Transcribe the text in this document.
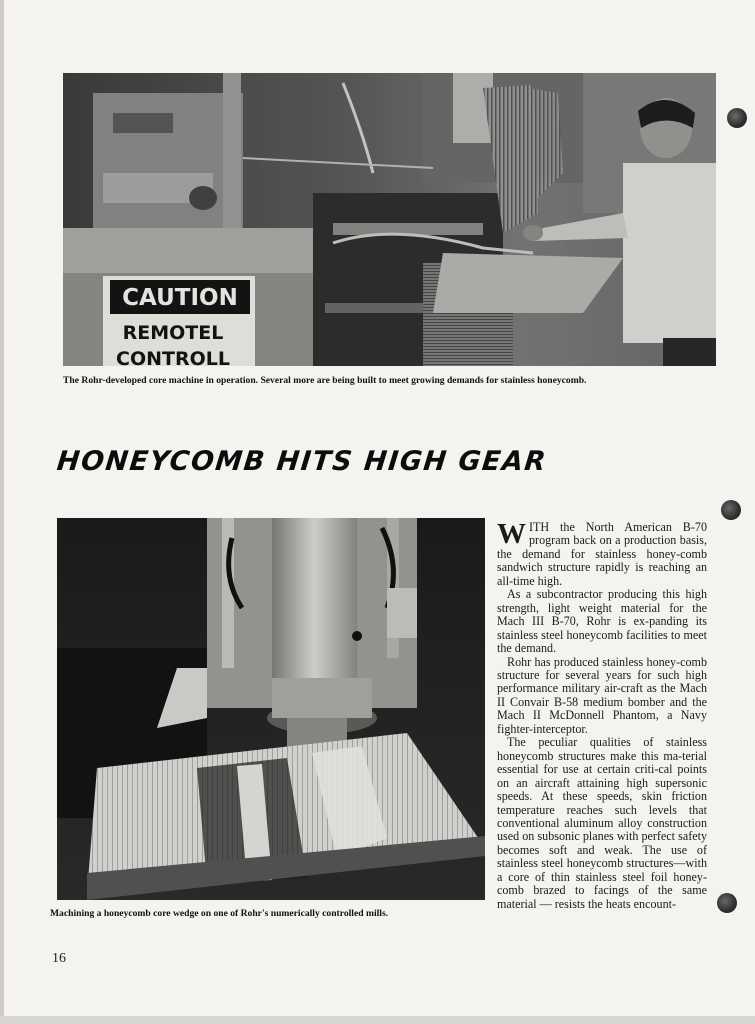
CAUTION
REMOTEL
CONTROLL
The Rohr-developed core machine in operation. Several more are being built to meet growing demands for stainless honeycomb.
HONEYCOMB HITS HIGH GEAR
Machining a honeycomb core wedge on one of Rohr's numerically controlled mills.

WITH the North American B-70 program back on a production basis, the demand for stainless honey-comb sandwich structure rapidly is reaching an all-time high.

As a subcontractor producing this high strength, light weight material for the Mach III B-70, Rohr is ex-panding its stainless steel honeycomb facilities to meet the demand.

Rohr has produced stainless honey-comb structure for several years for such high performance military air-craft as the Mach II Convair B-58 medium bomber and the Mach II McDonnell Phantom, a Navy fighter-interceptor.

The peculiar qualities of stainless honeycomb structures make this ma-terial essential for use at certain criti-cal points on an aircraft attaining high supersonic speeds. At these speeds, skin friction temperature reaches such levels that conventional aluminum alloy construction used on subsonic planes with perfect safety becomes soft and weak. The use of stainless steel honeycomb structures—with a core of thin stainless steel foil honey-comb brazed to facings of the same material — resists the heats encount-

16
